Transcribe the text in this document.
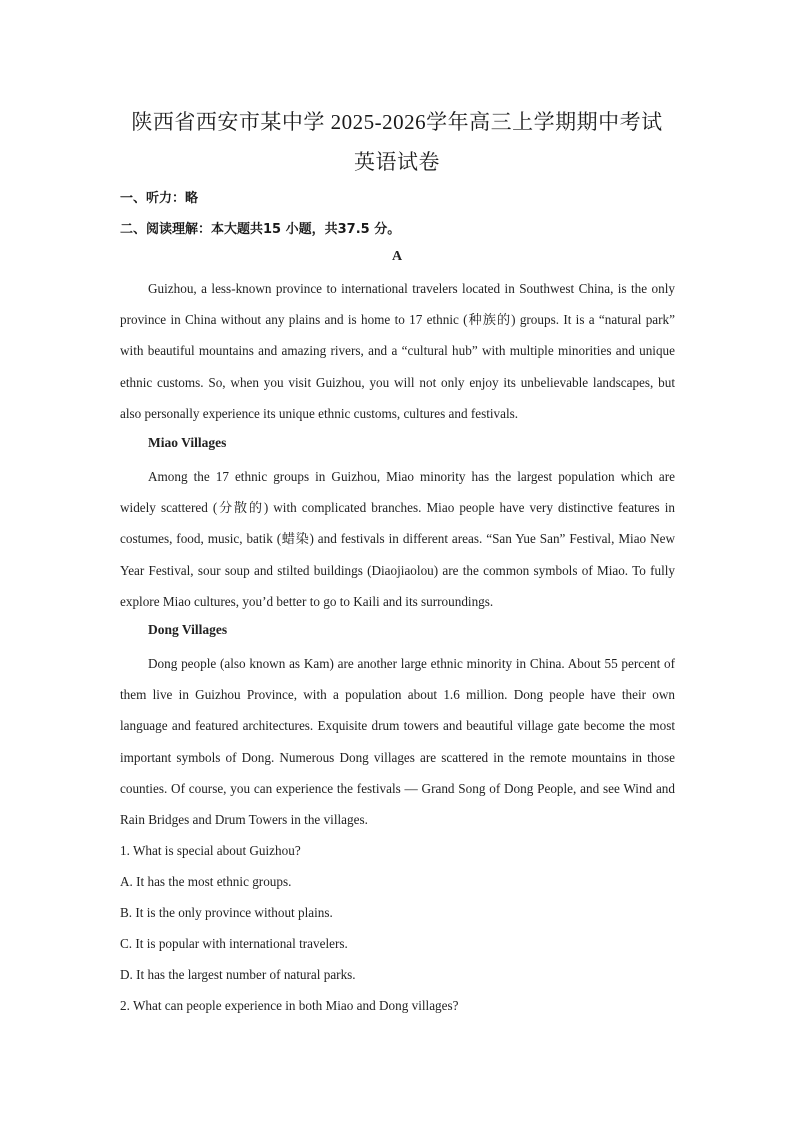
陕西省西安市某中学 2025-2026学年高三上学期期中考试
英语试卷
一、听力：略
二、阅读理解：本大题共15 小题，共37.5 分。
A

Guizhou, a less-known province to international travelers located in Southwest China, is the only province in China without any plains and is home to 17 ethnic (种族的) groups. It is a “natural park” with beautiful mountains and amazing rivers, and a “cultural hub” with multiple minorities and unique ethnic customs. So, when you visit Guizhou, you will not only enjoy its unbelievable landscapes, but also personally experience its unique ethnic customs, cultures and festivals.

Miao Villages

Among the 17 ethnic groups in Guizhou, Miao minority has the largest population which are widely scattered (分散的) with complicated branches. Miao people have very distinctive features in costumes, food, music, batik (蜡染) and festivals in different areas. “San Yue San” Festival, Miao New Year Festival, sour soup and stilted buildings (Diaojiaolou) are the common symbols of Miao. To fully explore Miao cultures, you’d better to go to Kaili and its surroundings.

Dong Villages

Dong people (also known as Kam) are another large ethnic minority in China. About 55 percent of them live in Guizhou Province, with a population about 1.6 million. Dong people have their own language and featured architectures. Exquisite drum towers and beautiful village gate become the most important symbols of Dong. Numerous Dong villages are scattered in the remote mountains in those counties. Of course, you can experience the festivals — Grand Song of Dong People, and see Wind and Rain Bridges and Drum Towers in the villages.

1. What is special about Guizhou?
A. It has the most ethnic groups.
B. It is the only province without plains.
C. It is popular with international travelers.
D. It has the largest number of natural parks.
2. What can people experience in both Miao and Dong villages?
